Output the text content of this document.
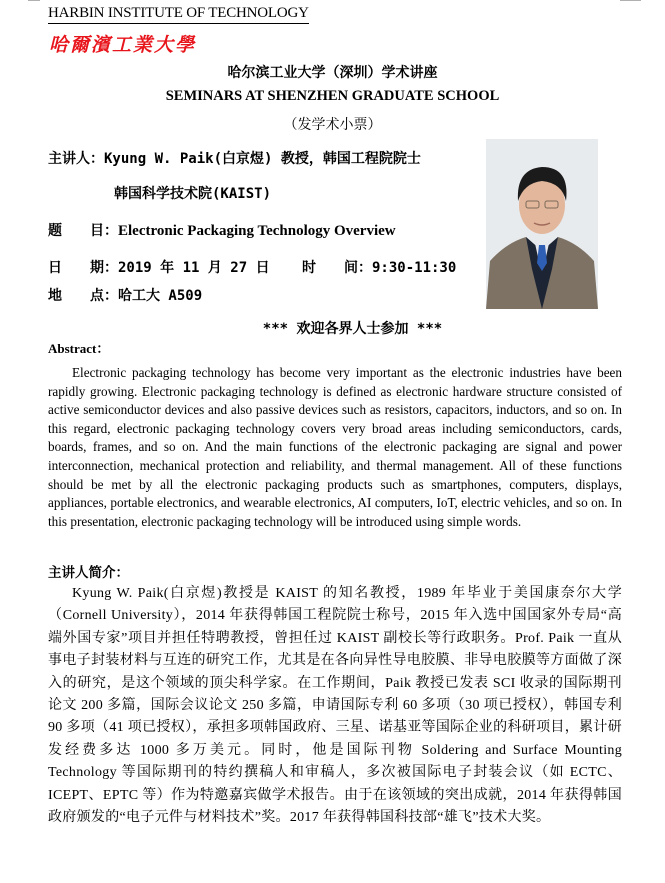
HARBIN INSTITUTE OF TECHNOLOGY
哈爾濱工業大學
哈尔滨工业大学（深圳）学术讲座
SEMINARS AT SHENZHEN GRADUATE SCHOOL
（发学术小票）
主讲人：Kyung W. Paik(白京煜) 教授，韩国工程院院士
韩国科学技术院(KAIST)
题　　目：Electronic Packaging Technology Overview
日　　期：2019 年 11 月 27 日 时　　间：9:30-11:30
地　　点：哈工大 A509
*** 欢迎各界人士参加 ***
Abstract：
Electronic packaging technology has become very important as the electronic industries have been rapidly growing. Electronic packaging technology is defined as electronic hardware structure consisted of active semiconductor devices and also passive devices such as resistors, capacitors, inductors, and so on. In this regard, electronic packaging technology covers very broad areas including semiconductors, cards, boards, frames, and so on. And the main functions of the electronic packaging are signal and power interconnection, mechanical protection and reliability, and thermal management. All of these functions should be met by all the electronic packaging products such as smartphones, computers, displays, appliances, portable electronics, and wearable electronics, AI computers, IoT, electric vehicles, and so on. In this presentation, electronic packaging technology will be introduced using simple words.
主讲人简介：
Kyung W. Paik(白京煜)教授是 KAIST 的知名教授，1989 年毕业于美国康奈尔大学（Cornell University），2014 年获得韩国工程院院士称号，2015 年入选中国国家外专局“高端外国专家”项目并担任特聘教授，曾担任过 KAIST 副校长等行政职务。Prof. Paik 一直从事电子封装材料与互连的研究工作，尤其是在各向异性导电胶膜、非导电胶膜等方面做了深入的研究，是这个领域的顶尖科学家。在工作期间，Paik 教授已发表 SCI 收录的国际期刊论文 200 多篇，国际会议论文 250 多篇，申请国际专利 60 多项（30 项已授权），韩国专利 90 多项（41 项已授权），承担多项韩国政府、三星、诺基亚等国际企业的科研项目，累计研发经费多达 1000 多万美元。同时，他是国际刊物 Soldering and Surface Mounting Technology 等国际期刊的特约撰稿人和审稿人，多次被国际电子封装会议（如 ECTC、ICEPT、EPTC 等）作为特邀嘉宾做学术报告。由于在该领域的突出成就，2014 年获得韩国政府颁发的“电子元件与材料技术”奖。2017 年获得韩国科技部“雄飞”技术大奖。
